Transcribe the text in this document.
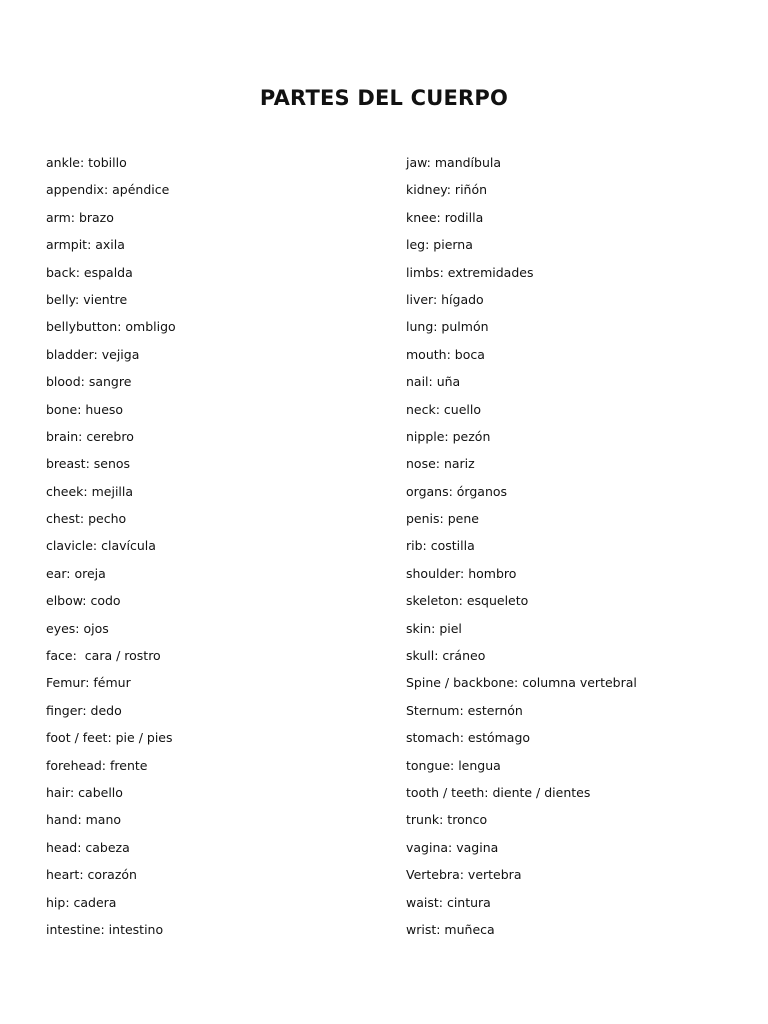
PARTES DEL CUERPO
ankle: tobillo
appendix: apéndice
arm: brazo
armpit: axila
back: espalda
belly: vientre
bellybutton: ombligo
bladder: vejiga
blood: sangre
bone: hueso
brain: cerebro
breast: senos
cheek: mejilla
chest: pecho
clavicle: clavícula
ear: oreja
elbow: codo
eyes: ojos
face:  cara / rostro
Femur: fémur
finger: dedo
foot / feet: pie / pies
forehead: frente
hair: cabello
hand: mano
head: cabeza
heart: corazón
hip: cadera
intestine: intestino
jaw: mandíbula
kidney: riñón
knee: rodilla
leg: pierna
limbs: extremidades
liver: hígado
lung: pulmón
mouth: boca
nail: uña
neck: cuello
nipple: pezón
nose: nariz
organs: órganos
penis: pene
rib: costilla
shoulder: hombro
skeleton: esqueleto
skin: piel
skull: cráneo
Spine / backbone: columna vertebral
Sternum: esternón
stomach: estómago
tongue: lengua
tooth / teeth: diente / dientes
trunk: tronco
vagina: vagina
Vertebra: vertebra
waist: cintura
wrist: muñeca
